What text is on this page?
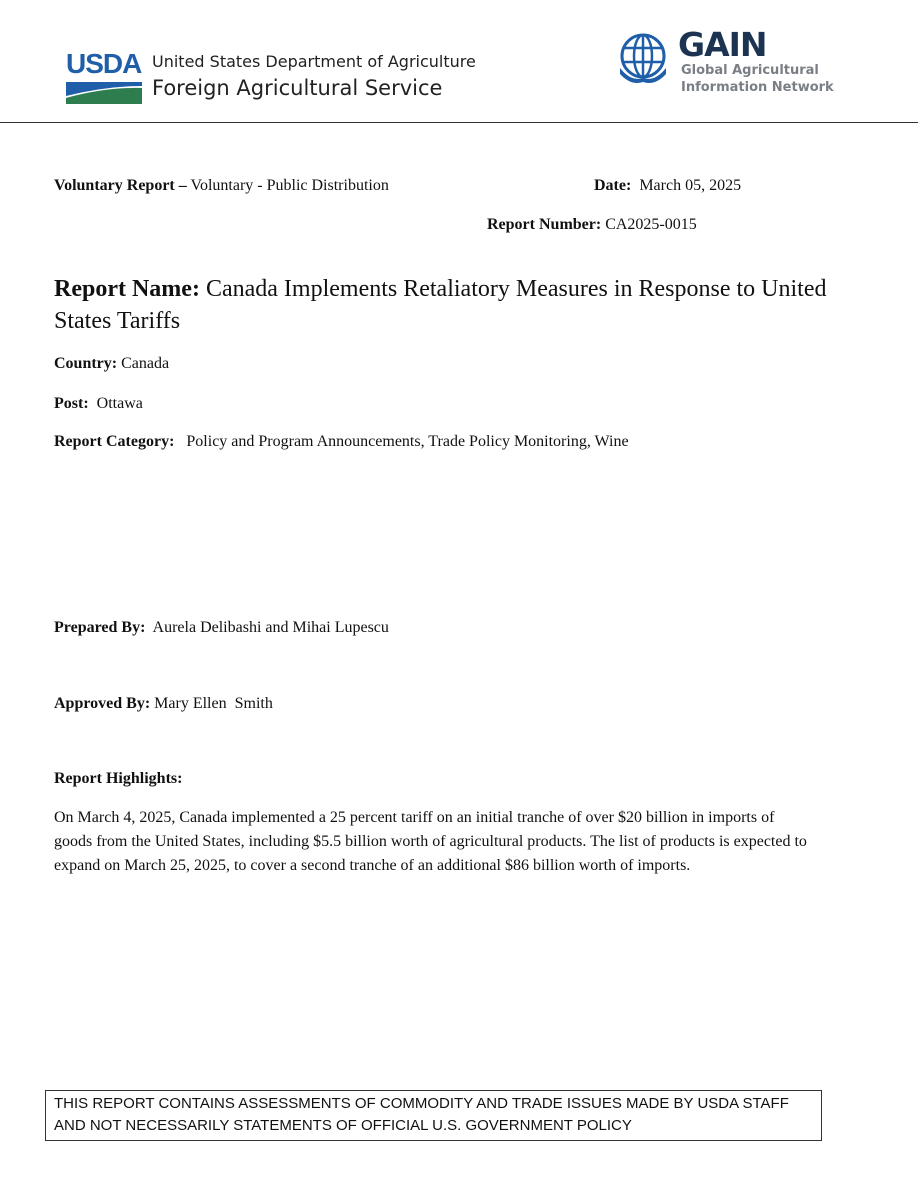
USDA United States Department of Agriculture
Foreign Agricultural Service
GAIN
Global Agricultural
Information Network
Voluntary Report – Voluntary - Public Distribution	Date: March 05, 2025
Report Number: CA2025-0015
Report Name: Canada Implements Retaliatory Measures in Response to United States Tariffs
Country: Canada
Post: Ottawa
Report Category: Policy and Program Announcements, Trade Policy Monitoring, Wine
Prepared By: Aurela Delibashi and Mihai Lupescu
Approved By: Mary Ellen  Smith
Report Highlights:
On March 4, 2025, Canada implemented a 25 percent tariff on an initial tranche of over $20 billion in imports of goods from the United States, including $5.5 billion worth of agricultural products. The list of products is expected to expand on March 25, 2025, to cover a second tranche of an additional $86 billion worth of imports.
THIS REPORT CONTAINS ASSESSMENTS OF COMMODITY AND TRADE ISSUES MADE BY USDA STAFF
AND NOT NECESSARILY STATEMENTS OF OFFICIAL U.S. GOVERNMENT POLICY
